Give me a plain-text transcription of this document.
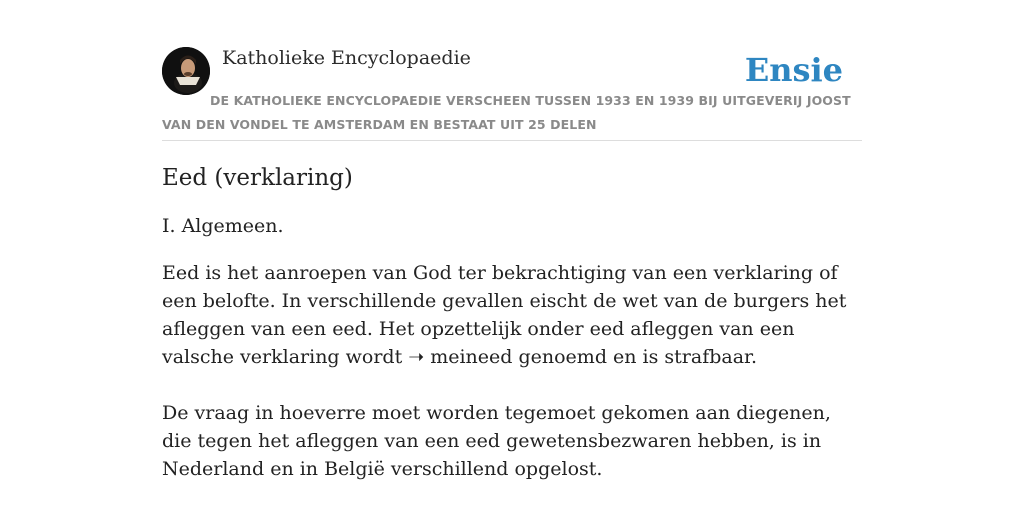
Katholieke Encyclopaedie	Ensie
DE KATHOLIEKE ENCYCLOPAEDIE VERSCHEEN TUSSEN 1933 EN 1939 BIJ UITGEVERIJ JOOST VAN DEN VONDEL TE AMSTERDAM EN BESTAAT UIT 25 DELEN
Eed (verklaring)

I. Algemeen.

Eed is het aanroepen van God ter bekrachtiging van een verklaring of een belofte. In verschillende gevallen eischt de wet van de burgers het afleggen van een eed. Het opzettelijk onder eed afleggen van een valsche verklaring wordt ➝ meineed genoemd en is strafbaar.

De vraag in hoeverre moet worden tegemoet gekomen aan diegenen, die tegen het afleggen van een eed gewetensbezwaren hebben, is in Nederland en in België verschillend opgelost.
